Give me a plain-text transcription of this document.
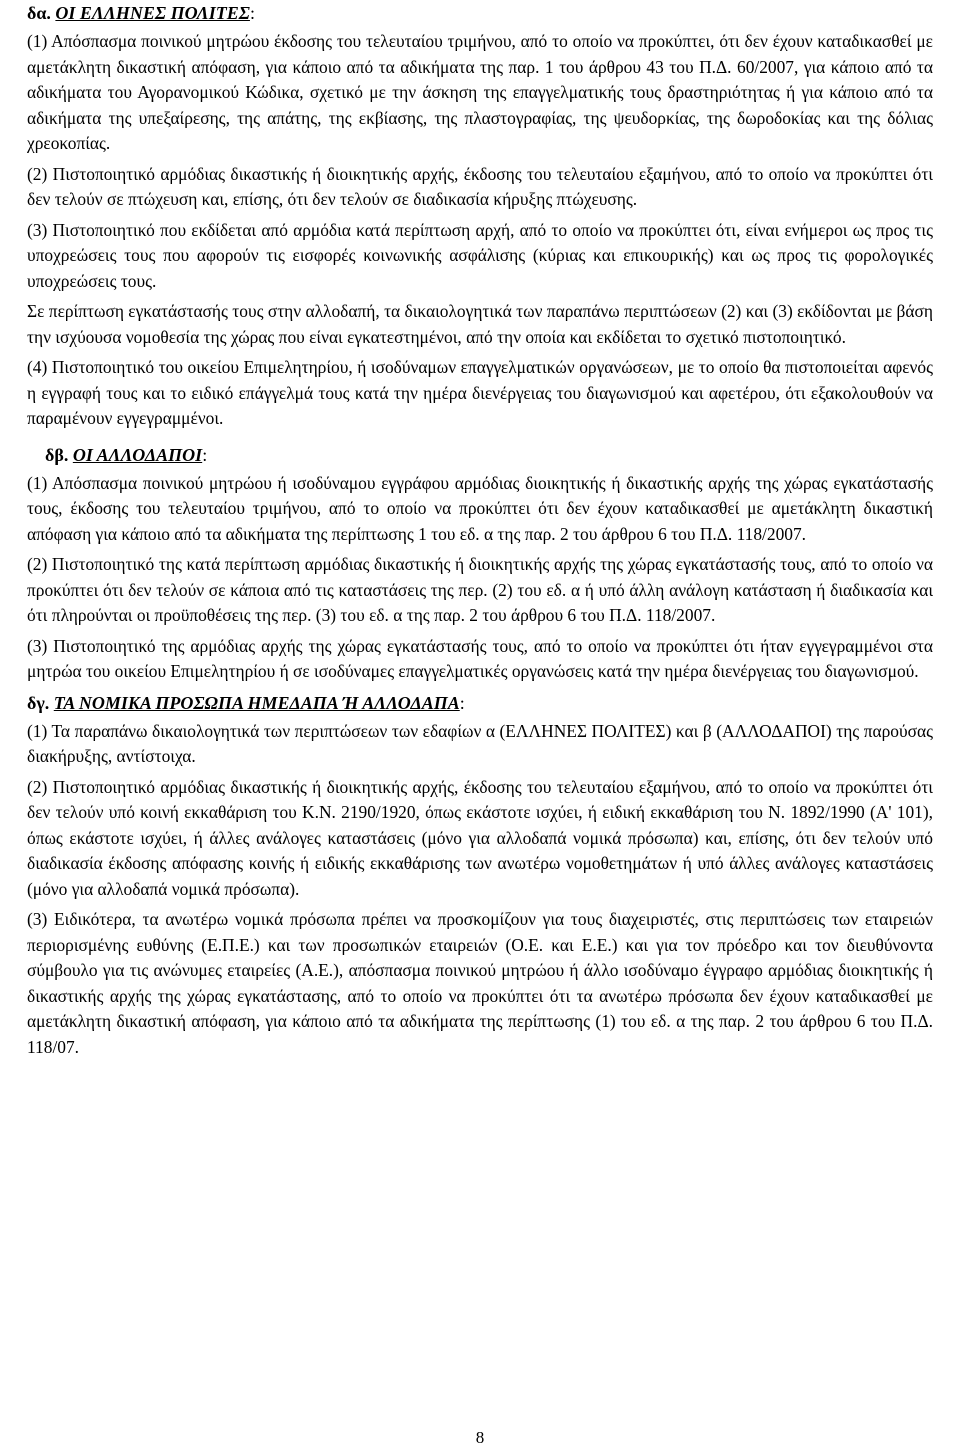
δα. ΟΙ ΕΛΛΗΝΕΣ ΠΟΛΙΤΕΣ:

(1) Απόσπασμα ποινικού μητρώου έκδοσης του τελευταίου τριμήνου, από το οποίο να προκύπτει, ότι δεν έχουν καταδικασθεί με αμετάκλητη δικαστική απόφαση, για κάποιο από τα αδικήματα της παρ. 1 του άρθρου 43 του Π.Δ. 60/2007, για κάποιο από τα αδικήματα του Αγορανομικού Κώδικα, σχετικό με την άσκηση της επαγγελματικής τους δραστηριότητας ή για κάποιο από τα αδικήματα της υπεξαίρεσης, της απάτης, της εκβίασης, της πλαστογραφίας, της ψευδορκίας, της δωροδοκίας και της δόλιας χρεοκοπίας.

(2) Πιστοποιητικό αρμόδιας δικαστικής ή διοικητικής αρχής, έκδοσης του τελευταίου εξαμήνου, από το οποίο να προκύπτει ότι δεν τελούν σε πτώχευση και, επίσης, ότι δεν τελούν σε διαδικασία κήρυξης πτώχευσης.

(3) Πιστοποιητικό που εκδίδεται από αρμόδια κατά περίπτωση αρχή, από το οποίο να προκύπτει ότι, είναι ενήμεροι ως προς τις υποχρεώσεις τους που αφορούν τις εισφορές κοινωνικής ασφάλισης (κύριας και επικουρικής) και ως προς τις φορολογικές υποχρεώσεις τους.

Σε περίπτωση εγκατάστασής τους στην αλλοδαπή, τα δικαιολογητικά των παραπάνω περιπτώσεων (2) και (3) εκδίδονται με βάση την ισχύουσα νομοθεσία της χώρας που είναι εγκατεστημένοι, από την οποία και εκδίδεται το σχετικό πιστοποιητικό.

(4) Πιστοποιητικό του οικείου Επιμελητηρίου, ή ισοδύναμων επαγγελματικών οργανώσεων, με το οποίο θα πιστοποιείται αφενός η εγγραφή τους και το ειδικό επάγγελμά τους κατά την ημέρα διενέργειας του διαγωνισμού και αφετέρου, ότι εξακολουθούν να παραμένουν εγγεγραμμένοι.

δβ. ΟΙ ΑΛΛΟΔΑΠΟΙ:

(1) Απόσπασμα ποινικού μητρώου ή ισοδύναμου εγγράφου αρμόδιας διοικητικής ή δικαστικής αρχής της χώρας εγκατάστασής τους, έκδοσης του τελευταίου τριμήνου, από το οποίο να προκύπτει ότι δεν έχουν καταδικασθεί με αμετάκλητη δικαστική απόφαση για κάποιο από τα αδικήματα της περίπτωσης 1 του εδ. α της παρ. 2 του άρθρου 6 του Π.Δ. 118/2007.

(2) Πιστοποιητικό της κατά περίπτωση αρμόδιας δικαστικής ή διοικητικής αρχής της χώρας εγκατάστασής τους, από το οποίο να προκύπτει ότι δεν τελούν σε κάποια από τις καταστάσεις της περ. (2) του εδ. α ή υπό άλλη ανάλογη κατάσταση ή διαδικασία και ότι πληρούνται οι προϋποθέσεις της περ. (3) του εδ. α της παρ. 2 του άρθρου 6 του Π.Δ. 118/2007.

(3) Πιστοποιητικό της αρμόδιας αρχής της χώρας εγκατάστασής τους, από το οποίο να προκύπτει ότι ήταν εγγεγραμμένοι στα μητρώα του οικείου Επιμελητηρίου ή σε ισοδύναμες επαγγελματικές οργανώσεις κατά την ημέρα διενέργειας του διαγωνισμού.

δγ. ΤΑ ΝΟΜΙΚΑ ΠΡΟΣΩΠΑ ΗΜΕΔΑΠΑ Ή ΑΛΛΟΔΑΠΑ:

(1) Τα παραπάνω δικαιολογητικά των περιπτώσεων των εδαφίων α (ΕΛΛΗΝΕΣ ΠΟΛΙΤΕΣ) και β (ΑΛΛΟΔΑΠΟΙ) της παρούσας διακήρυξης, αντίστοιχα.

(2) Πιστοποιητικό αρμόδιας δικαστικής ή διοικητικής αρχής, έκδοσης του τελευταίου εξαμήνου, από το οποίο να προκύπτει ότι δεν τελούν υπό κοινή εκκαθάριση του Κ.Ν. 2190/1920, όπως εκάστοτε ισχύει, ή ειδική εκκαθάριση του Ν. 1892/1990 (Α' 101), όπως εκάστοτε ισχύει, ή άλλες ανάλογες καταστάσεις (μόνο για αλλοδαπά νομικά πρόσωπα) και, επίσης, ότι δεν τελούν υπό διαδικασία έκδοσης απόφασης κοινής ή ειδικής εκκαθάρισης των ανωτέρω νομοθετημάτων ή υπό άλλες ανάλογες καταστάσεις (μόνο για αλλοδαπά νομικά πρόσωπα).

(3) Ειδικότερα, τα ανωτέρω νομικά πρόσωπα πρέπει να προσκομίζουν για τους διαχειριστές, στις περιπτώσεις των εταιρειών περιορισμένης ευθύνης (Ε.Π.Ε.) και των προσωπικών εταιρειών (Ο.Ε. και Ε.Ε.) και για τον πρόεδρο και τον διευθύνοντα σύμβουλο για τις ανώνυμες εταιρείες (Α.Ε.), απόσπασμα ποινικού μητρώου ή άλλο ισοδύναμο έγγραφο αρμόδιας διοικητικής ή δικαστικής αρχής της χώρας εγκατάστασης, από το οποίο να προκύπτει ότι τα ανωτέρω πρόσωπα δεν έχουν καταδικασθεί με αμετάκλητη δικαστική απόφαση, για κάποιο από τα αδικήματα της περίπτωσης (1) του εδ. α της παρ. 2 του άρθρου 6 του Π.Δ. 118/07.

8
